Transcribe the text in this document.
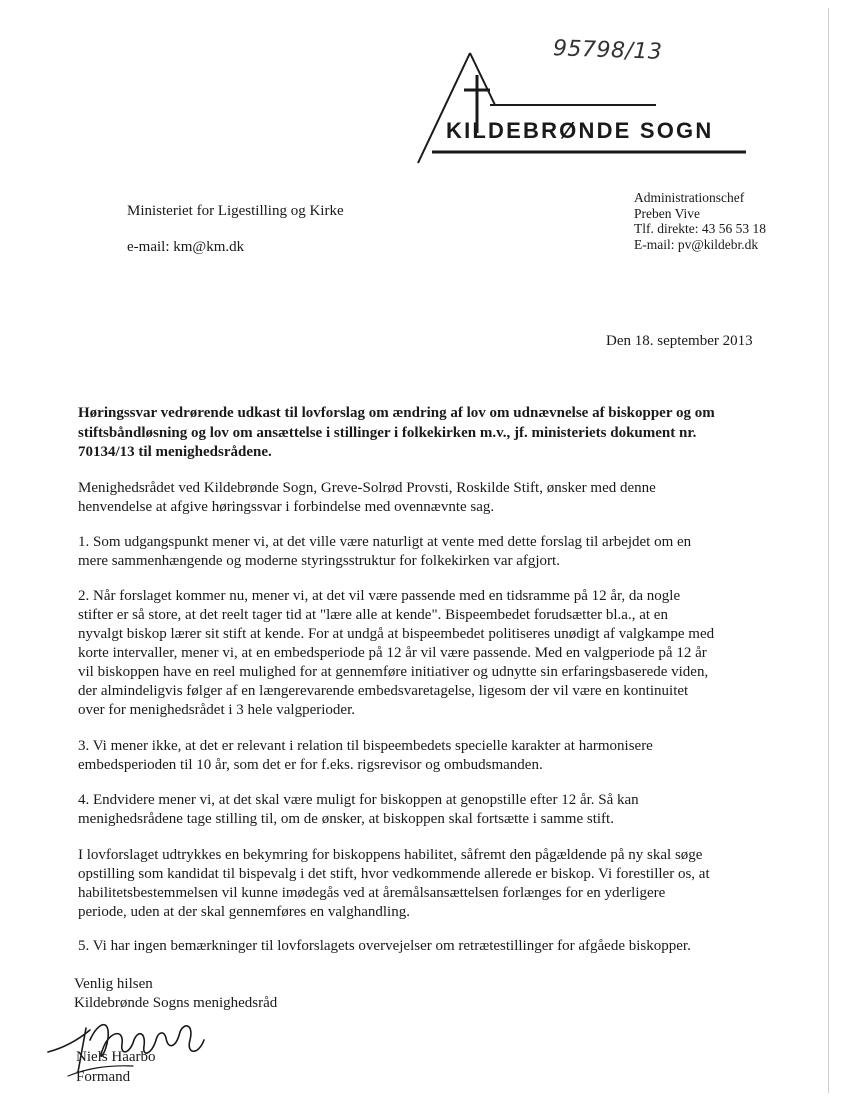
95798/13
KILDEBRØNDE SOGN
Ministeriet for Ligestilling og Kirke
e-mail: km@km.dk
Administrationschef
Preben Vive
Tlf. direkte: 43 56 53 18
E-mail: pv@kildebr.dk
Den 18. september 2013
Høringssvar vedrørende udkast til lovforslag om ændring af lov om udnævnelse af biskopper og om
stiftsbåndløsning og lov om ansættelse i stillinger i folkekirken m.v., jf. ministeriets dokument nr.
70134/13 til menighedsrådene.
Menighedsrådet ved Kildebrønde Sogn, Greve-Solrød Provsti, Roskilde Stift, ønsker med denne
henvendelse at afgive høringssvar i forbindelse med ovennævnte sag.
1. Som udgangspunkt mener vi, at det ville være naturligt at vente med dette forslag til arbejdet om en
mere sammenhængende og moderne styringsstruktur for folkekirken var afgjort.
2. Når forslaget kommer nu, mener vi, at det vil være passende med en tidsramme på 12 år, da nogle
stifter er så store, at det reelt tager tid at "lære alle at kende". Bispeembedet forudsætter bl.a., at en
nyvalgt biskop lærer sit stift at kende. For at undgå at bispeembedet politiseres unødigt af valgkampe med
korte intervaller, mener vi, at en embedsperiode på 12 år vil være passende. Med en valgperiode på 12 år
vil biskoppen have en reel mulighed for at gennemføre initiativer og udnytte sin erfaringsbaserede viden,
der almindeligvis følger af en længerevarende embedsvaretagelse, ligesom der vil være en kontinuitet
over for menighedsrådet i 3 hele valgperioder.
3. Vi mener ikke, at det er relevant i relation til bispeembedets specielle karakter at harmonisere
embedsperioden til 10 år, som det er for f.eks. rigsrevisor og ombudsmanden.
4. Endvidere mener vi, at det skal være muligt for biskoppen at genopstille efter 12 år. Så kan
menighedsrådene tage stilling til, om de ønsker, at biskoppen skal fortsætte i samme stift.
I lovforslaget udtrykkes en bekymring for biskoppens habilitet, såfremt den pågældende på ny skal søge
opstilling som kandidat til bispevalg i det stift, hvor vedkommende allerede er biskop. Vi forestiller os, at
habilitetsbestemmelsen vil kunne imødegås ved at åremålsansættelsen forlænges for en yderligere
periode, uden at der skal gennemføres en valghandling.
5. Vi har ingen bemærkninger til lovforslagets overvejelser om retrætestillinger for afgåede biskopper.
Venlig hilsen
Kildebrønde Sogns menighedsråd
Niels Haarbo
Formand
